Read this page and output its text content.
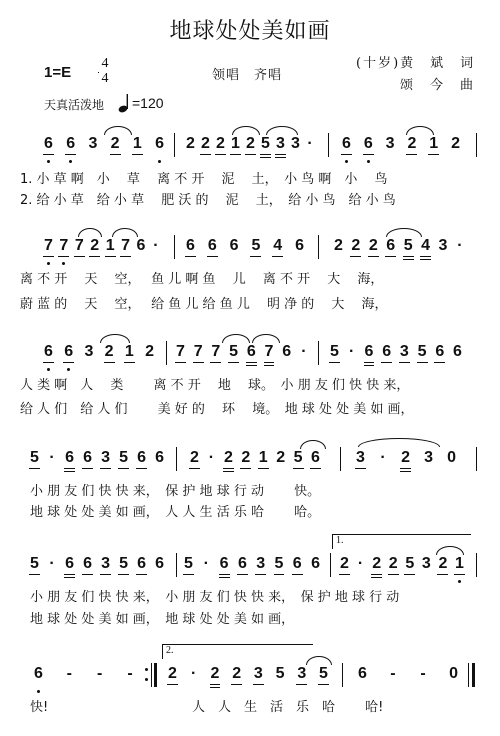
地球处处美如画
1=E
4
4	领唱　齐唱
(十岁)黄　斌　词
颂　今　曲
天真活泼地 =120
6 6 3 2 1 6 2 2 2 1 2 5 3 3 · 6 6 3 2 1 2
1. 小 草 啊　小　 草　 离 不 开　 泥　 土，　小 鸟 啊　小　 鸟
2. 给 小 草　给 小 草　 肥 沃 的　 泥　 土，　给 小 鸟　给 小 鸟
7 7 7 2 1 7 6 · 6 6 6 5 4 6 2 2 2 6 5 4 3 ·
离 不 开　 天　 空，　 鱼 儿 啊 鱼　 儿　 离 不 开　 大　 海，
蔚 蓝 的　 天　 空，　 给 鱼 儿 给 鱼 儿　 明 净 的　 大　 海，
6 6 3 2 1 2 7 7 7 5 6 7 6 · 5 · 6 6 3 5 6 6
人 类 啊　人　 类　　 离 不 开　 地　 球。　小 朋 友 们 快 快 来，
给 人 们　给 人 们　　 美 好 的　 环　 境。　地 球 处 处 美 如 画，
5 · 6 6 3 5 6 6 2 · 2 2 1 2 5 6 3 · 2 3 0
小 朋 友 们 快 快 来，　保 护 地 球 行 动　　 快。
地 球 处 处 美 如 画，　人 人 生 活 乐 哈　　 哈。
1.
5 · 6 6 3 5 6 6 5 · 6 6 3 5 6 6 2 · 2 2 5 3 2 1
小 朋 友 们 快 快 来，　小 朋 友 们 快 快 来，　保 护 地 球 行 动
地 球 处 处 美 如 画，　地 球 处 处 美 如 画，
2.
6 - - - 2 · 2 2 3 5 3 5 6 - - 0
快!	人　人　生　活　乐　哈　　 哈!
